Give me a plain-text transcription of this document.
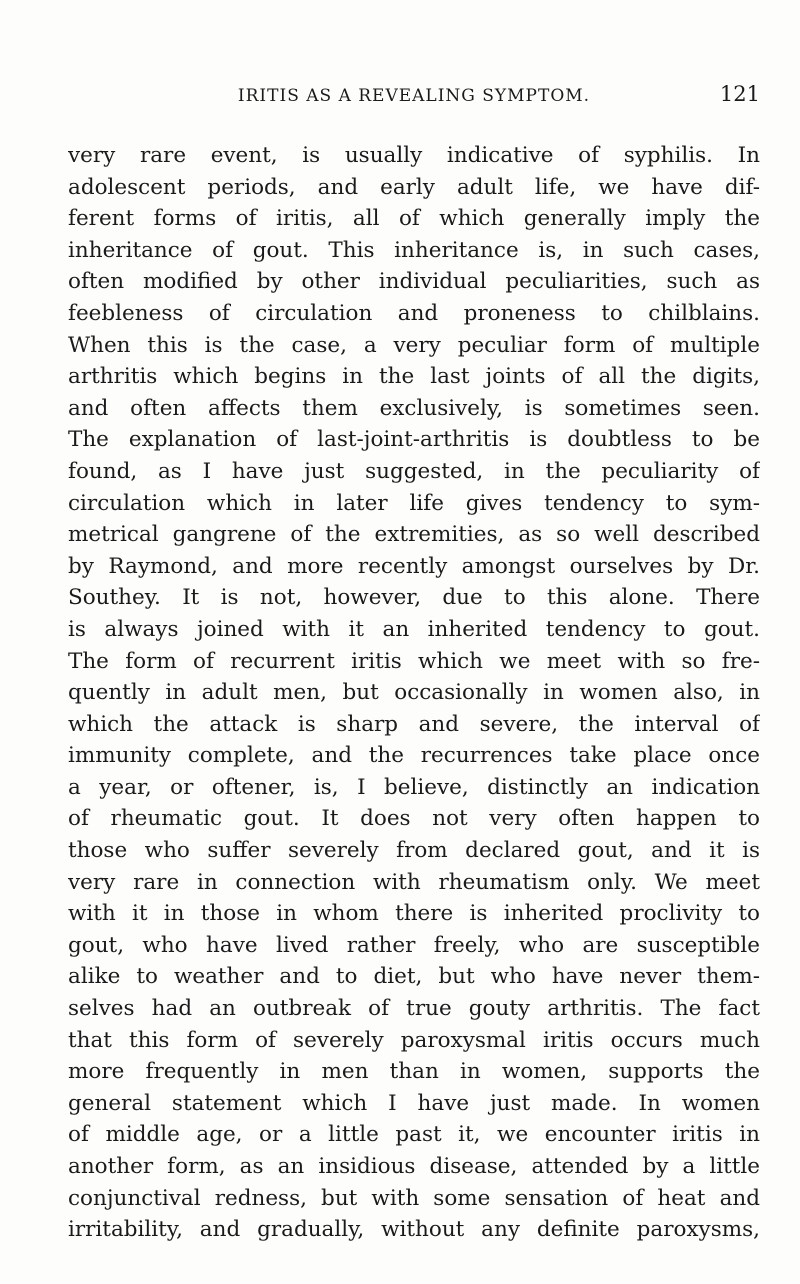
IRITIS AS A REVEALING SYMPTOM.	121
very rare event, is usually indicative of syphilis. In
adolescent periods, and early adult life, we have dif-
ferent forms of iritis, all of which generally imply the
inheritance of gout. This inheritance is, in such cases,
often modified by other individual peculiarities, such as
feebleness of circulation and proneness to chilblains.
When this is the case, a very peculiar form of multiple
arthritis which begins in the last joints of all the digits,
and often affects them exclusively, is sometimes seen.
The explanation of last-joint-arthritis is doubtless to be
found, as I have just suggested, in the peculiarity of
circulation which in later life gives tendency to sym-
metrical gangrene of the extremities, as so well described
by Raymond, and more recently amongst ourselves by Dr.
Southey. It is not, however, due to this alone. There
is always joined with it an inherited tendency to gout.
The form of recurrent iritis which we meet with so fre-
quently in adult men, but occasionally in women also, in
which the attack is sharp and severe, the interval of
immunity complete, and the recurrences take place once
a year, or oftener, is, I believe, distinctly an indication
of rheumatic gout. It does not very often happen to
those who suffer severely from declared gout, and it is
very rare in connection with rheumatism only. We meet
with it in those in whom there is inherited proclivity to
gout, who have lived rather freely, who are susceptible
alike to weather and to diet, but who have never them-
selves had an outbreak of true gouty arthritis. The fact
that this form of severely paroxysmal iritis occurs much
more frequently in men than in women, supports the
general statement which I have just made. In women
of middle age, or a little past it, we encounter iritis in
another form, as an insidious disease, attended by a little
conjunctival redness, but with some sensation of heat and
irritability, and gradually, without any definite paroxysms,
